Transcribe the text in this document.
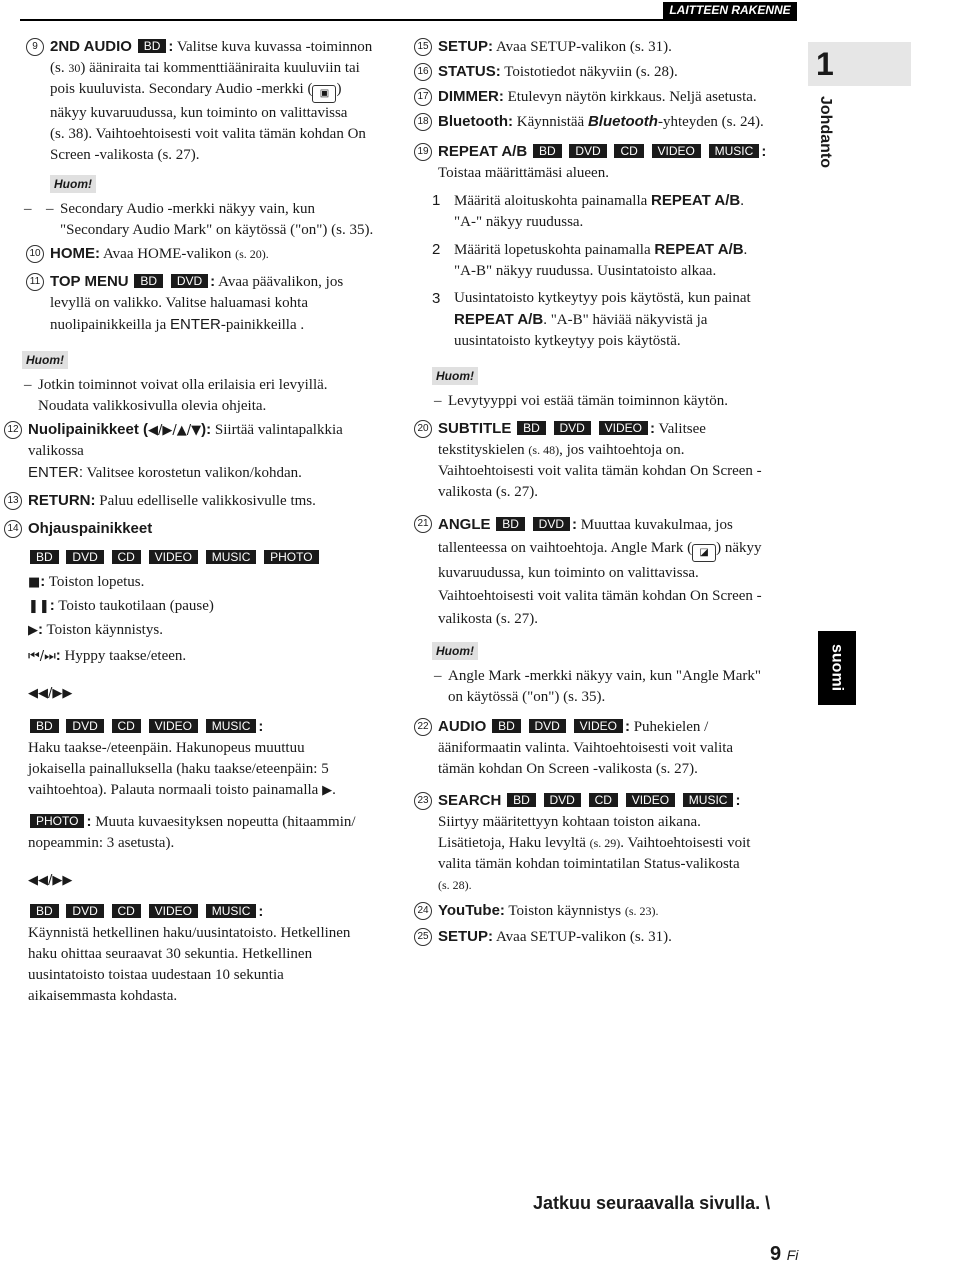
LAITTEEN RAKENNE
1
Johdanto
suomi
9 2ND AUDIO BD : Valitse kuva kuvassa -toiminnon
(s. 30) ääniraita tai kommenttiääniraita kuuluviin tai
pois kuuluvista. Secondary Audio -merkki ( ▣ )
näkyy kuvaruudussa, kun toiminto on valittavissa
(s. 38). Vaihtoehtoisesti voit valita tämän kohdan On
Screen -valikosta (s. 27).
Huom!
– – Secondary Audio -merkki näkyy vain, kun
"Secondary Audio Mark" on käytössä ("on") (s. 35).
10 HOME: Avaa HOME-valikon (s. 20).
11 TOP MENU BD DVD : Avaa päävalikon, jos
levyllä on valikko. Valitse haluamasi kohta
nuolipainikkeilla ja ENTER-painikkeilla .
Huom!
– Jotkin toiminnot voivat olla erilaisia eri levyillä.
Noudata valikkosivulla olevia ohjeita.
12 Nuolipainikkeet (◀/▶/▲/▼): Siirtää valintapalkkia
valikossa
ENTER: Valitsee korostetun valikon/kohdan.
13 RETURN: Paluu edelliselle valikkosivulle tms.
14 Ohjauspainikkeet
BD DVD CD VIDEO MUSIC PHOTO
■: Toiston lopetus.
❚❚: Toisto taukotilaan (pause)
▶: Toiston käynnistys.
⏮/⏭: Hyppy taakse/eteen.
◀◀/▶▶
BD DVD CD VIDEO MUSIC :
Haku taakse-/eteenpäin. Hakunopeus muuttuu
jokaisella painalluksella (haku taakse/eteenpäin: 5
vaihtoehtoa). Palauta normaali toisto painamalla ▶.
PHOTO : Muuta kuvaesityksen nopeutta (hitaammin/
nopeammin: 3 asetusta).
◀◀/▶▶
BD DVD CD VIDEO MUSIC :
Käynnistä hetkellinen haku/uusintatoisto. Hetkellinen
haku ohittaa seuraavat 30 sekuntia. Hetkellinen
uusintatoisto toistaa uudestaan 10 sekuntia
aikaisemmasta kohdasta.
15 SETUP: Avaa SETUP-valikon (s. 31).
16 STATUS: Toistotiedot näkyviin (s. 28).
17 DIMMER: Etulevyn näytön kirkkaus. Neljä asetusta.
18 Bluetooth: Käynnistää Bluetooth-yhteyden (s. 24).
19 REPEAT A/B BD DVD CD VIDEO MUSIC :
Toistaa määrittämäsi alueen.
1 Määritä aloituskohta painamalla REPEAT A/B.
"A-" näkyy ruudussa.
2 Määritä lopetuskohta painamalla REPEAT A/B.
"A-B" näkyy ruudussa. Uusintatoisto alkaa.
3 Uusintatoisto kytkeytyy pois käytöstä, kun painat
REPEAT A/B. "A-B" häviää näkyvistä ja
uusintatoisto kytkeytyy pois käytöstä.
Huom!
– Levytyyppi voi estää tämän toiminnon käytön.
20 SUBTITLE BD DVD VIDEO : Valitsee
tekstityskielen (s. 48), jos vaihtoehtoja on.
Vaihtoehtoisesti voit valita tämän kohdan On Screen -
valikosta (s. 27).
21 ANGLE BD DVD : Muuttaa kuvakulmaa, jos
tallenteessa on vaihtoehtoja. Angle Mark ( ◪ ) näkyy
kuvaruudussa, kun toiminto on valittavissa.
Vaihtoehtoisesti voit valita tämän kohdan On Screen -
valikosta (s. 27).
Huom!
– Angle Mark -merkki näkyy vain, kun "Angle Mark"
on käytössä ("on") (s. 35).
22 AUDIO BD DVD VIDEO : Puhekielen /
ääniformaatin valinta. Vaihtoehtoisesti voit valita
tämän kohdan On Screen -valikosta (s. 27).
23 SEARCH BD DVD CD VIDEO MUSIC :
Siirtyy määritettyyn kohtaan toiston aikana.
Lisätietoja, Haku levyltä (s. 29). Vaihtoehtoisesti voit
valita tämän kohdan toimintatilan Status-valikosta
(s. 28).
24 YouTube: Toiston käynnistys (s. 23).
25 SETUP: Avaa SETUP-valikon (s. 31).
Jatkuu seuraavalla sivulla. \
9 Fi
